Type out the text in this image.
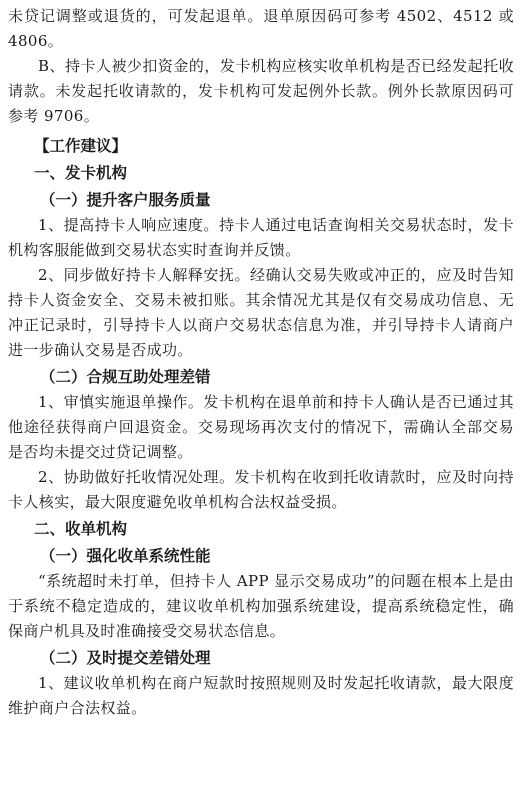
未贷记调整或退货的，可发起退单。退单原因码可参考 4502、4512 或 4806。

B、持卡人被少扣资金的，发卡机构应核实收单机构是否已经发起托收请款。未发起托收请款的，发卡机构可发起例外长款。例外长款原因码可参考 9706。

【工作建议】

一、发卡机构

（一）提升客户服务质量

1、提高持卡人响应速度。持卡人通过电话查询相关交易状态时，发卡机构客服能做到交易状态实时查询并反馈。

2、同步做好持卡人解释安抚。经确认交易失败或冲正的，应及时告知持卡人资金安全、交易未被扣账。其余情况尤其是仅有交易成功信息、无冲正记录时，引导持卡人以商户交易状态信息为准，并引导持卡人请商户进一步确认交易是否成功。

（二）合规互助处理差错

1、审慎实施退单操作。发卡机构在退单前和持卡人确认是否已通过其他途径获得商户回退资金。交易现场再次支付的情况下，需确认全部交易是否均未提交过贷记调整。

2、协助做好托收情况处理。发卡机构在收到托收请款时，应及时向持卡人核实，最大限度避免收单机构合法权益受损。

二、收单机构

（一）强化收单系统性能

“系统超时未打单，但持卡人 APP 显示交易成功”的问题在根本上是由于系统不稳定造成的，建议收单机构加强系统建设，提高系统稳定性，确保商户机具及时准确接受交易状态信息。

（二）及时提交差错处理

1、建议收单机构在商户短款时按照规则及时发起托收请款，最大限度维护商户合法权益。
